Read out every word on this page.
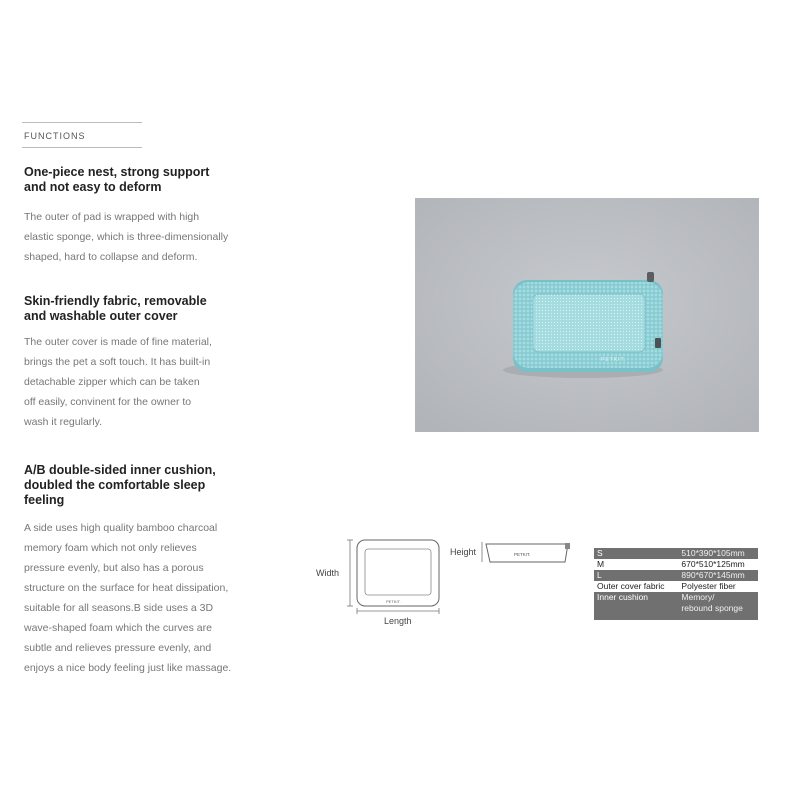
FUNCTIONS
One-piece nest, strong support
and not easy to deform
The outer of pad is wrapped with high
elastic sponge, which is three-dimensionally
shaped, hard to collapse and deform.
Skin-friendly fabric, removable
and washable outer cover
The outer cover is made of fine material,
brings the pet a soft touch. It has built-in
detachable zipper which can be taken
off easily, convinent for the owner to
wash it regularly.
A/B double-sided inner cushion,
doubled the comfortable sleep
feeling
A side uses high quality bamboo charcoal
memory foam which not only relieves
pressure evenly, but also has a porous
structure on the surface for heat dissipation,
suitable for all seasons.B side uses a 3D
wave-shaped foam which the curves are
subtle and relieves pressure evenly, and
enjoys a nice body feeling just like massage.
PETKIT.
Width
PETKIT.
Length
Height	PETKIT.	S	510*390*105mm
M	670*510*125mm
L	890*670*145mm
Outer cover fabric	Polyester fiber
Inner cushion	Memory/
rebound sponge
